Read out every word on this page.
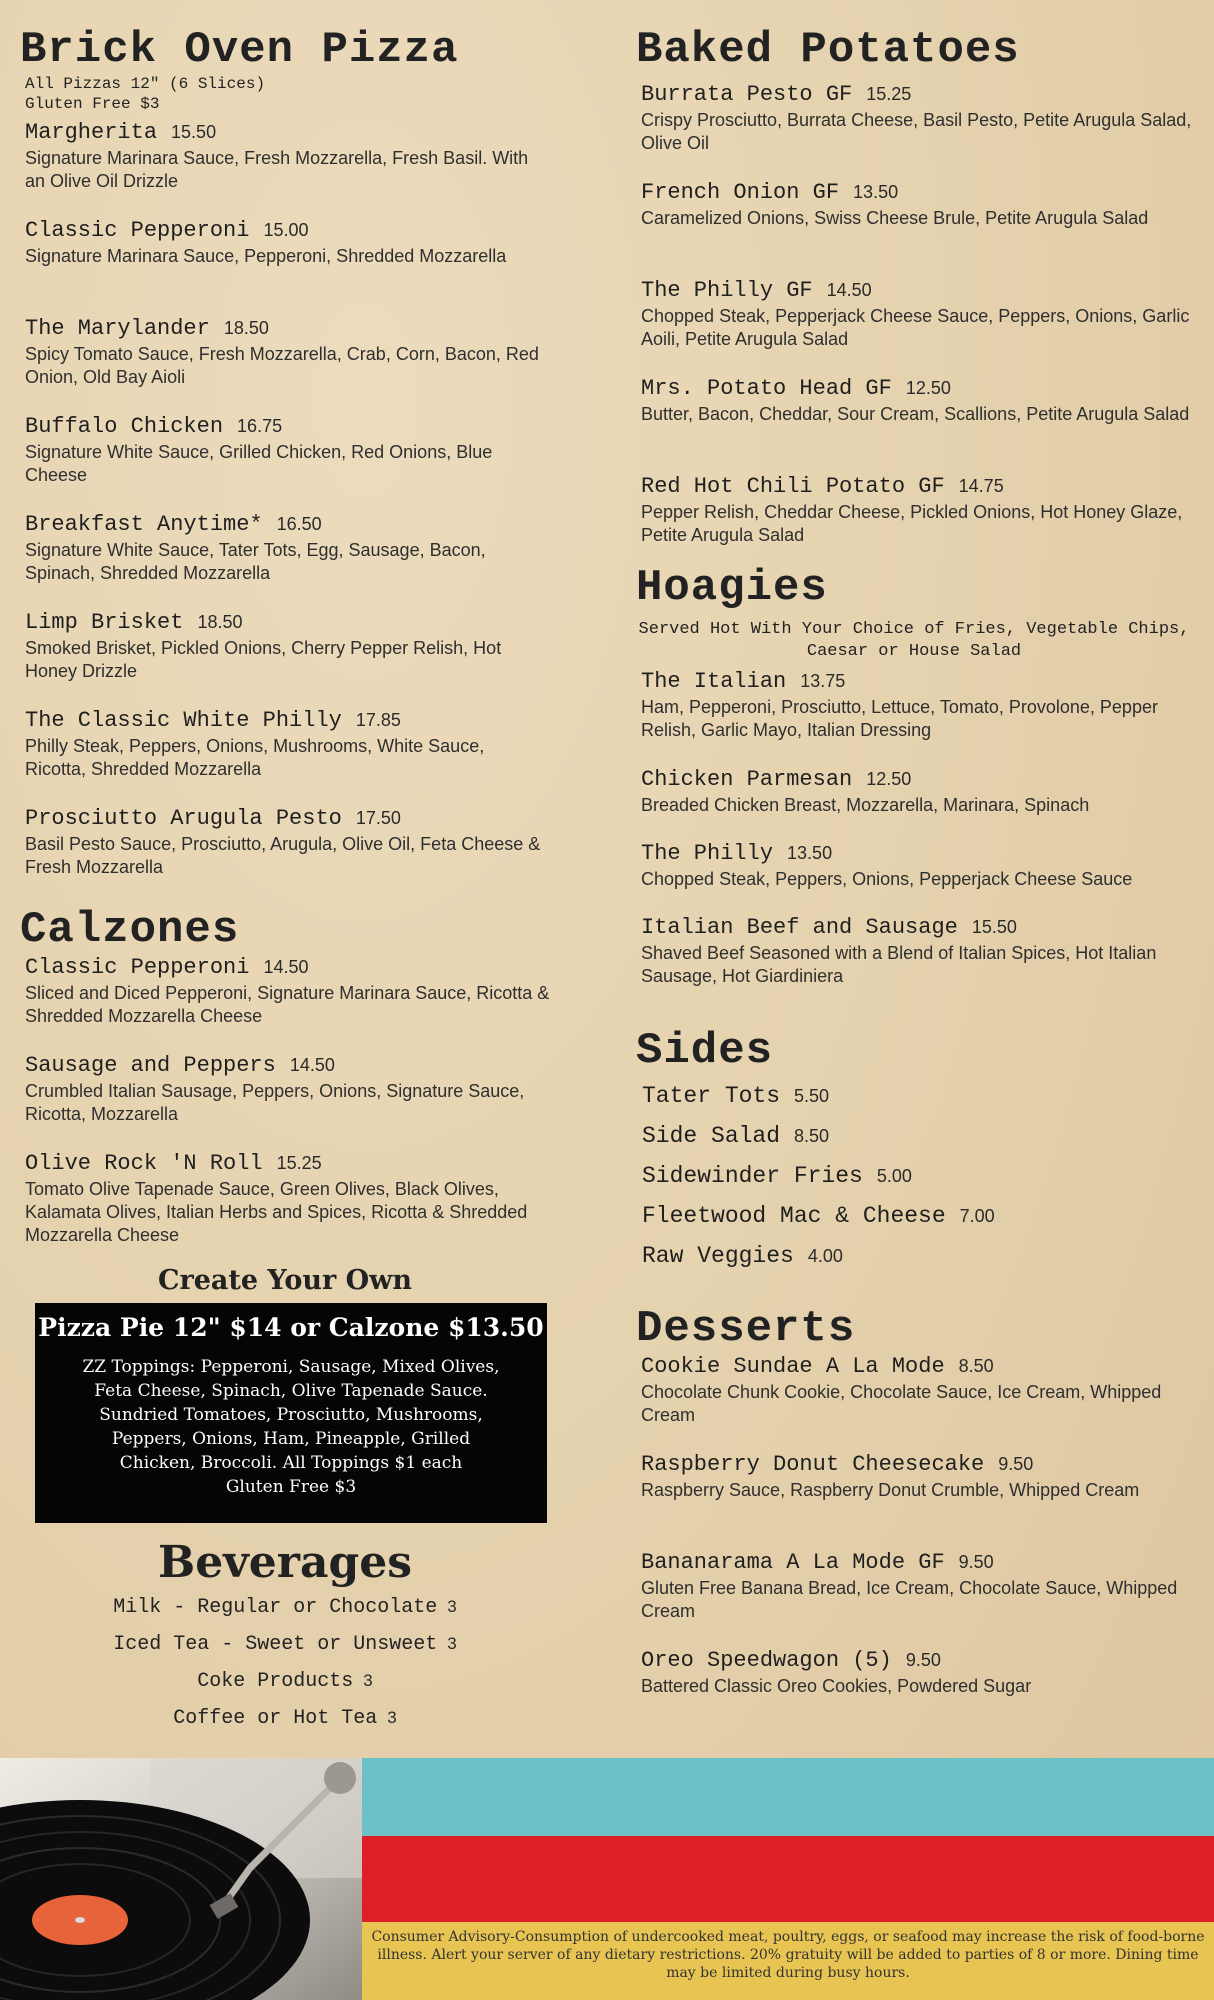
Brick Oven Pizza

All Pizzas 12" (6 Slices)

Gluten Free $3

Margherita 15.50
Signature Marinara Sauce, Fresh Mozzarella, Fresh Basil. With an Olive Oil Drizzle
Classic Pepperoni 15.00
Signature Marinara Sauce, Pepperoni, Shredded Mozzarella
The Marylander 18.50
Spicy Tomato Sauce, Fresh Mozzarella, Crab, Corn, Bacon, Red Onion, Old Bay Aioli
Buffalo Chicken 16.75
Signature White Sauce, Grilled Chicken, Red Onions, Blue Cheese
Breakfast Anytime* 16.50
Signature White Sauce, Tater Tots, Egg, Sausage, Bacon, Spinach, Shredded Mozzarella
Limp Brisket 18.50
Smoked Brisket, Pickled Onions, Cherry Pepper Relish, Hot Honey Drizzle
The Classic White Philly 17.85
Philly Steak, Peppers, Onions, Mushrooms, White Sauce, Ricotta, Shredded Mozzarella
Prosciutto Arugula Pesto 17.50
Basil Pesto Sauce, Prosciutto, Arugula, Olive Oil, Feta Cheese & Fresh Mozzarella
Calzones
Classic Pepperoni 14.50
Sliced and Diced Pepperoni, Signature Marinara Sauce, Ricotta & Shredded Mozzarella Cheese
Sausage and Peppers 14.50
Crumbled Italian Sausage, Peppers, Onions, Signature Sauce, Ricotta, Mozzarella
Olive Rock 'N Roll 15.25
Tomato Olive Tapenade Sauce, Green Olives, Black Olives, Kalamata Olives, Italian Herbs and Spices, Ricotta & Shredded Mozzarella Cheese
Create Your Own
Pizza Pie 12" $14 or Calzone $13.50
ZZ Toppings: Pepperoni, Sausage, Mixed Olives, Feta Cheese, Spinach, Olive Tapenade Sauce. Sundried Tomatoes, Prosciutto, Mushrooms, Peppers, Onions, Ham, Pineapple, Grilled Chicken, Broccoli. All Toppings $1 each
Gluten Free $3
Beverages
Milk - Regular or Chocolate 3
Iced Tea - Sweet or Unsweet 3
Coke Products 3
Coffee or Hot Tea 3
Baked Potatoes
Burrata Pesto GF 15.25
Crispy Prosciutto, Burrata Cheese, Basil Pesto, Petite Arugula Salad, Olive Oil
French Onion GF 13.50
Caramelized Onions, Swiss Cheese Brule, Petite Arugula Salad
The Philly GF 14.50
Chopped Steak, Pepperjack Cheese Sauce, Peppers, Onions, Garlic Aoili, Petite Arugula Salad
Mrs. Potato Head GF 12.50
Butter, Bacon, Cheddar, Sour Cream, Scallions, Petite Arugula Salad
Red Hot Chili Potato GF 14.75
Pepper Relish, Cheddar Cheese, Pickled Onions, Hot Honey Glaze, Petite Arugula Salad
Hoagies

Served Hot With Your Choice of Fries, Vegetable Chips, Caesar or House Salad

The Italian 13.75
Ham, Pepperoni, Prosciutto, Lettuce, Tomato, Provolone, Pepper Relish, Garlic Mayo, Italian Dressing
Chicken Parmesan 12.50
Breaded Chicken Breast, Mozzarella, Marinara, Spinach
The Philly 13.50
Chopped Steak, Peppers, Onions, Pepperjack Cheese Sauce
Italian Beef and Sausage 15.50
Shaved Beef Seasoned with a Blend of Italian Spices, Hot Italian Sausage, Hot Giardiniera
Sides
Tater Tots 5.50
Side Salad 8.50
Sidewinder Fries 5.00
Fleetwood Mac & Cheese 7.00
Raw Veggies 4.00
Desserts
Cookie Sundae A La Mode 8.50
Chocolate Chunk Cookie, Chocolate Sauce, Ice Cream, Whipped Cream
Raspberry Donut Cheesecake 9.50
Raspberry Sauce, Raspberry Donut Crumble, Whipped Cream
Bananarama A La Mode GF 9.50
Gluten Free Banana Bread, Ice Cream, Chocolate Sauce, Whipped Cream
Oreo Speedwagon (5) 9.50
Battered Classic Oreo Cookies, Powdered Sugar
Consumer Advisory-Consumption of undercooked meat, poultry, eggs, or seafood may increase the risk of food-borne illness. Alert your server of any dietary restrictions. 20% gratuity will be added to parties of 8 or more. Dining time may be limited during busy hours.
